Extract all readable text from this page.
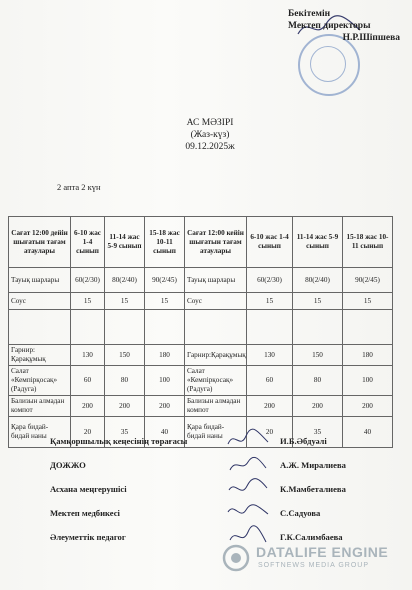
Бекітемін
Мектеп директоры
Н.Р.Шіпшева
АС МӘЗІРІ
(Жаз-күз)
09.12.2025ж
2 апта 2 күн
Сағат 12:00 дейін шығатын тағам атаулары	6-10 жас 1-4 сынып	11-14 жас 5-9 сынып	15-18 жас 10-11 сынып	Сағат 12:00 кейін шығатын тағам атаулары	6-10 жас 1-4 сынып	11-14 жас 5-9 сынып	15-18 жас 10-11 сынып
Тауық шарлары	60(2/30)	80(2/40)	90(2/45)	Тауық шарлары	60(2/30)	80(2/40)	90(2/45)
Соус	15	15	15	Соус	15	15	15

Гарнир: Қарақұмық	130	150	180	Гарнир:Қарақұмық	130	150	180
Салат «Кемпірқосақ» (Радуга)	60	80	100	Салат «Кемпірқосақ» (Радуга)	60	80	100
Бализын алмадан компот	200	200	200	Бализын алмадан компот	200	200	200
Қара бидай- бидай наны	20	35	40	Қара бидай- бидай наны	20	35	40
Қамқоршылық кеңесінің төрағасы	И.Б.Әбдуәлі
ДОЖЖО	А.Ж. Миралиева
Асхана меңгерушісі	К.Мамбеталиева
Мектеп медбикесі	С.Садуова
Әлеуметтік педагог	Г.К.Салимбаева
DATALIFE ENGINE
SOFTNEWS MEDIA GROUP
